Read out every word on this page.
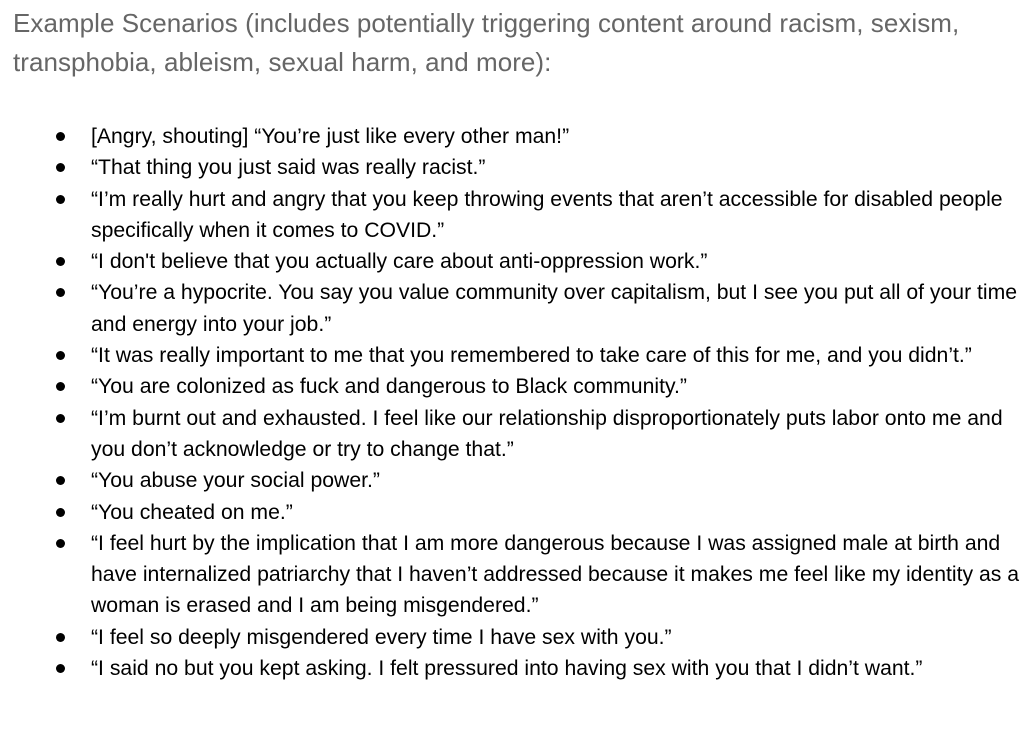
Example Scenarios (includes potentially triggering content around racism, sexism, transphobia, ableism, sexual harm, and more):
[Angry, shouting] “You’re just like every other man!”
“That thing you just said was really racist.”
“I’m really hurt and angry that you keep throwing events that aren’t accessible for disabled people specifically when it comes to COVID.”
“I don't believe that you actually care about anti-oppression work.”
“You’re a hypocrite. You say you value community over capitalism, but I see you put all of your time and energy into your job.”
“It was really important to me that you remembered to take care of this for me, and you didn’t.”
“You are colonized as fuck and dangerous to Black community.”
“I’m burnt out and exhausted. I feel like our relationship disproportionately puts labor onto me and you don’t acknowledge or try to change that.”
“You abuse your social power.”
“You cheated on me.”
“I feel hurt by the implication that I am more dangerous because I was assigned male at birth and have internalized patriarchy that I haven’t addressed because it makes me feel like my identity as a woman is erased and I am being misgendered.”
“I feel so deeply misgendered every time I have sex with you.”
“I said no but you kept asking. I felt pressured into having sex with you that I didn’t want.”
